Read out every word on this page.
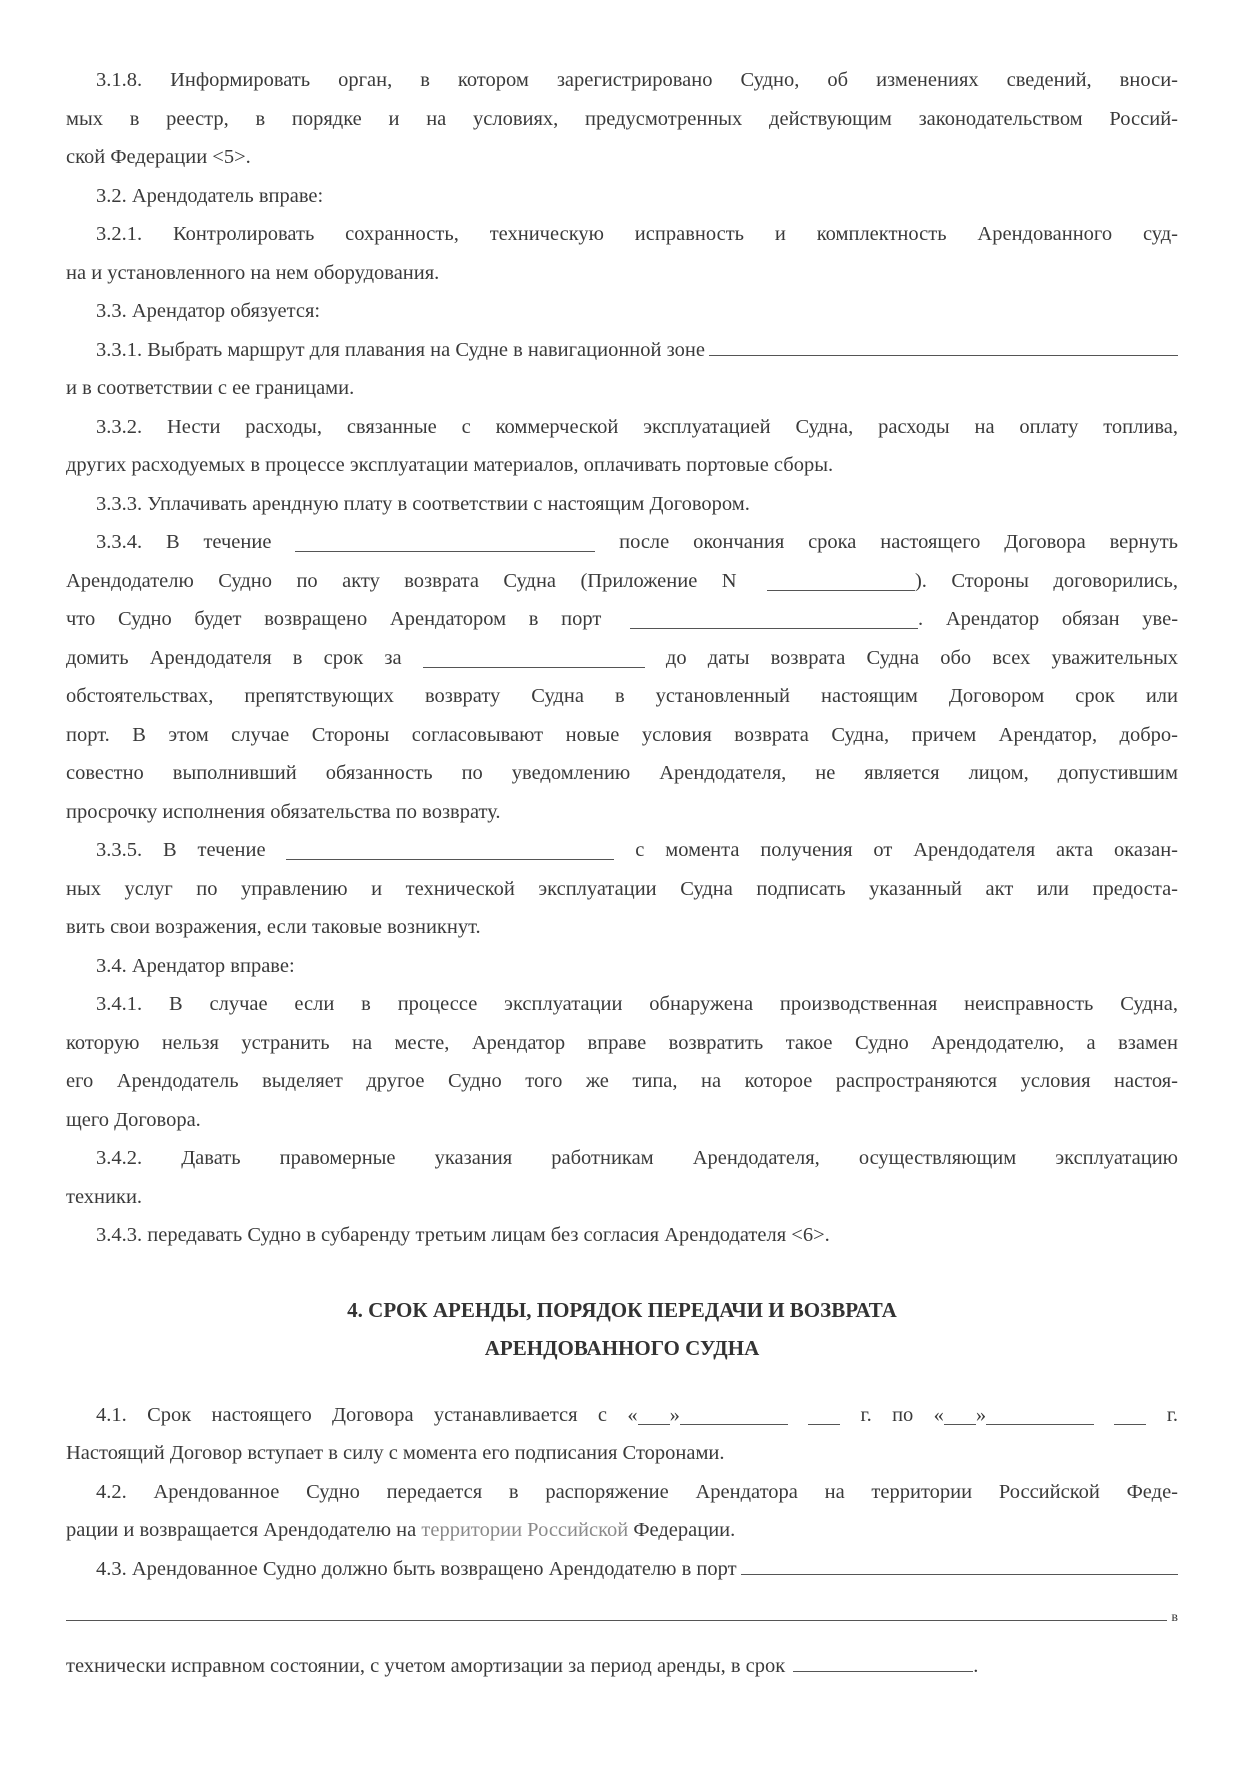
3.1.8. Информировать орган, в котором зарегистрировано Судно, об изменениях сведений, вноси-
мых в реестр, в порядке и на условиях, предусмотренных действующим законодательством Россий-
ской Федерации <5>.
3.2. Арендодатель вправе:
3.2.1. Контролировать сохранность, техническую исправность и комплектность Арендованного суд-
на и установленного на нем оборудования.
3.3. Арендатор обязуется:
3.3.1. Выбрать маршрут для плавания на Судне в навигационной зоне
и в соответствии с ее границами.
3.3.2. Нести расходы, связанные с коммерческой эксплуатацией Судна, расходы на оплату топлива,
других расходуемых в процессе эксплуатации материалов, оплачивать портовые сборы.
3.3.3. Уплачивать арендную плату в соответствии с настоящим Договором.
3.3.4. В течение	после окончания срока настоящего Договора вернуть
Арендодателю Судно по акту возврата Судна (Приложение N	). Стороны договорились,
что Судно будет возвращено Арендатором в порт	. Арендатор обязан уве-
домить Арендодателя в срок за	до даты возврата Судна обо всех уважительных
обстоятельствах, препятствующих возврату Судна в установленный настоящим Договором срок или
порт. В этом случае Стороны согласовывают новые условия возврата Судна, причем Арендатор, добро-
совестно выполнивший обязанность по уведомлению Арендодателя, не является лицом, допустившим
просрочку исполнения обязательства по возврату.
3.3.5. В течение	с момента получения от Арендодателя акта оказан-
ных услуг по управлению и технической эксплуатации Судна подписать указанный акт или предоста-
вить свои возражения, если таковые возникнут.
3.4. Арендатор вправе:
3.4.1. В случае если в процессе эксплуатации обнаружена производственная неисправность Судна,
которую нельзя устранить на месте, Арендатор вправе возвратить такое Судно Арендодателю, а взамен
его Арендодатель выделяет другое Судно того же типа, на которое распространяются условия настоя-
щего Договора.
3.4.2. Давать правомерные указания работникам Арендодателя, осуществляющим эксплуатацию
техники.
3.4.3. передавать Судно в субаренду третьим лицам без согласия Арендодателя <6>.
4. СРОК АРЕНДЫ, ПОРЯДОК ПЕРЕДАЧИ И ВОЗВРАТА
АРЕНДОВАННОГО СУДНА
4.1. Срок настоящего Договора устанавливается с « »	г. по « »	г.
Настоящий Договор вступает в силу с момента его подписания Сторонами.
4.2. Арендованное Судно передается в распоряжение Арендатора на территории Российской Феде-
рации и возвращается Арендодателю на территории Российской Федерации.
4.3. Арендованное Судно должно быть возвращено Арендодателю в порт
в
технически исправном состоянии, с учетом амортизации за период аренды, в срок	.
